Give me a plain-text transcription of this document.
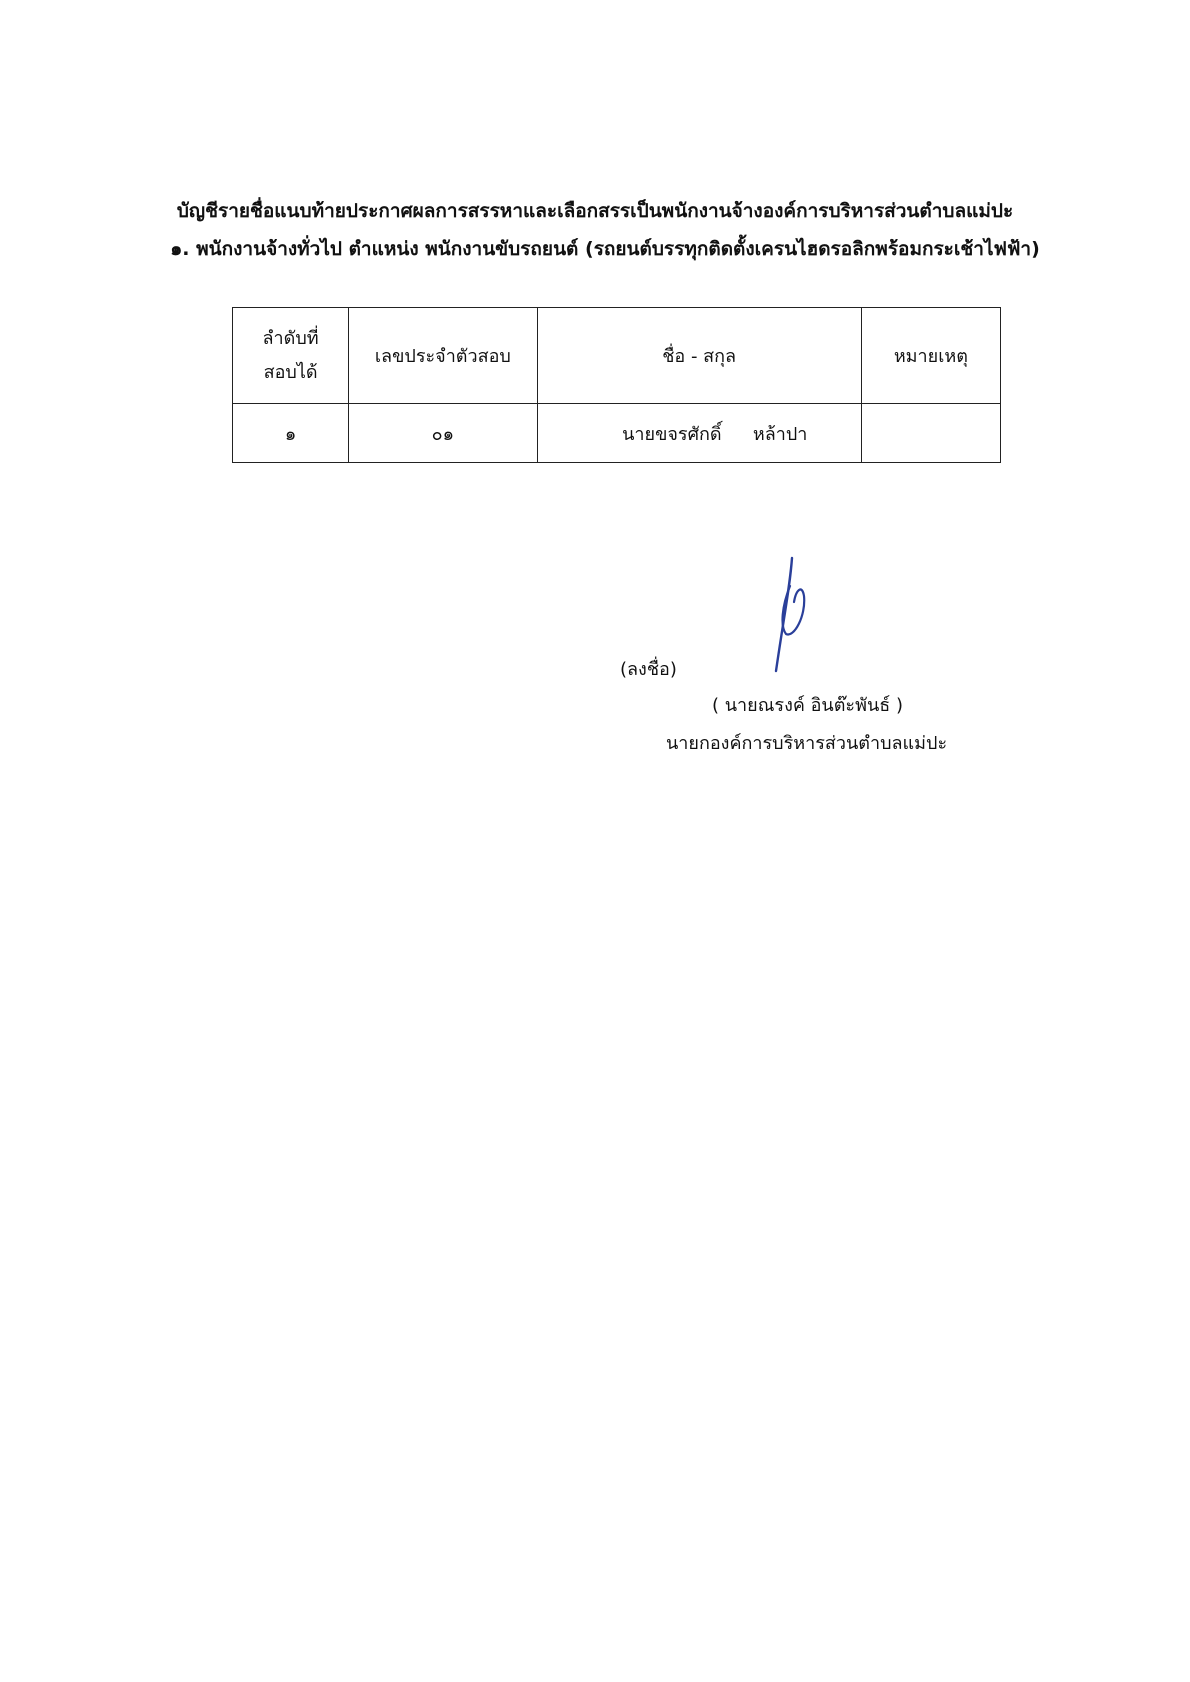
บัญชีรายชื่อแนบท้ายประกาศผลการสรรหาและเลือกสรรเป็นพนักงานจ้างองค์การบริหารส่วนตำบลแม่ปะ
๑. พนักงานจ้างทั่วไป ตำแหน่ง พนักงานขับรถยนต์ (รถยนต์บรรทุกติดตั้งเครนไฮดรอลิกพร้อมกระเช้าไฟฟ้า)
ลำดับที่
สอบได้	เลขประจำตัวสอบ	ชื่อ - สกุล	หมายเหตุ
๑	๐๑	นายขจรศักดิ์ หล้าปา	
(ลงชื่อ)
( นายณรงค์ อินต๊ะพันธ์ )
นายกองค์การบริหารส่วนตำบลแม่ปะ
